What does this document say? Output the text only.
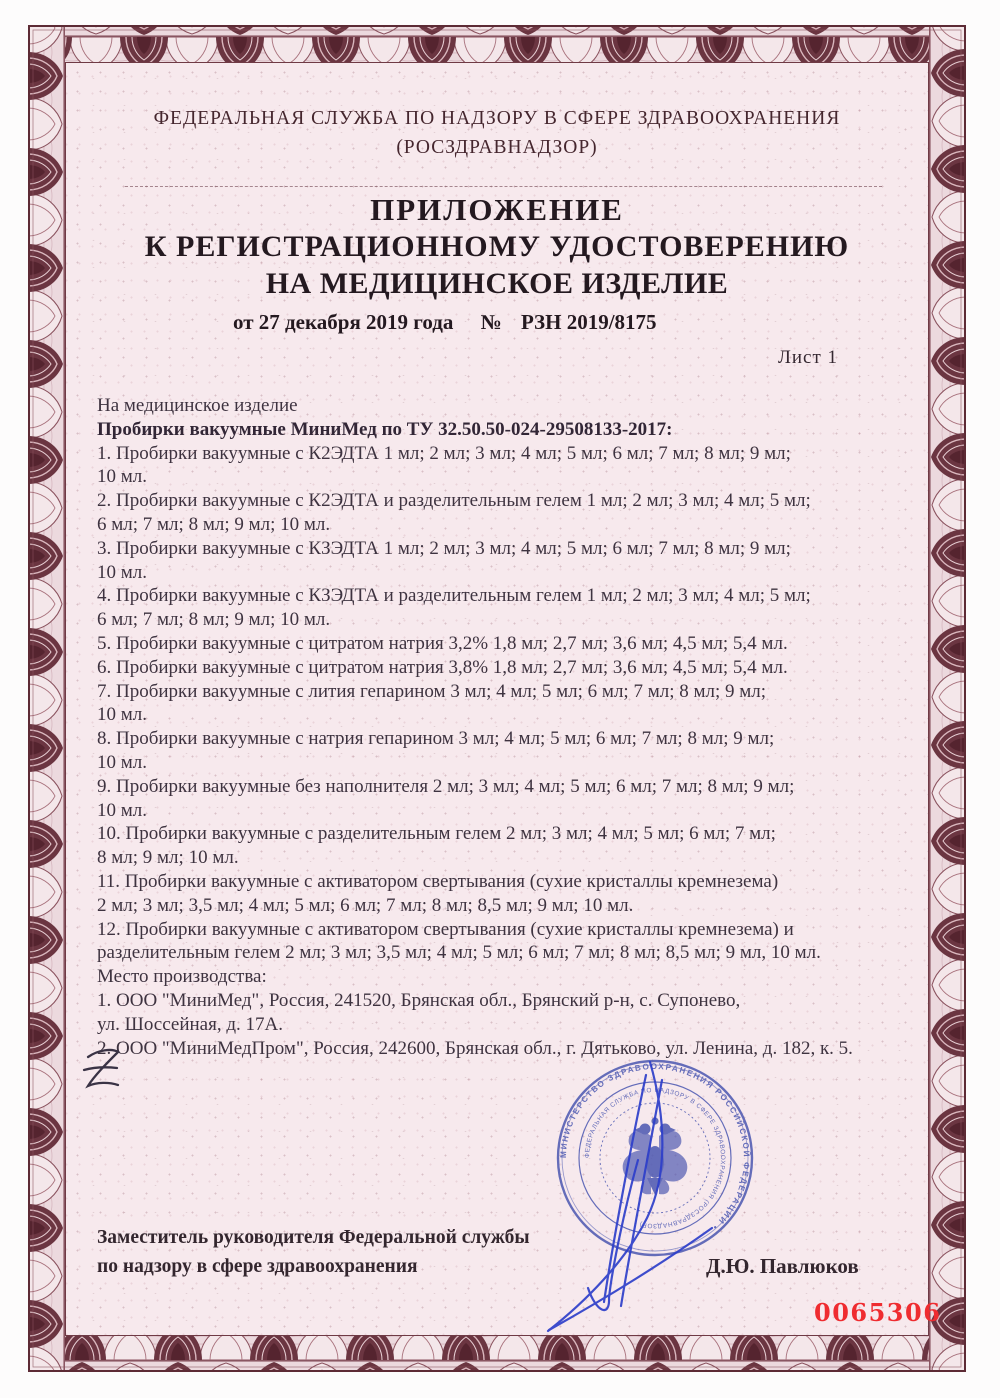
ФЕДЕРАЛЬНАЯ СЛУЖБА ПО НАДЗОРУ В СФЕРЕ ЗДРАВООХРАНЕНИЯ
(РОСЗДРАВНАДЗОР)
ПРИЛОЖЕНИЕ
К РЕГИСТРАЦИОННОМУ УДОСТОВЕРЕНИЮ
НА МЕДИЦИНСКОЕ ИЗДЕЛИЕ
от 27 декабря 2019 года № РЗН 2019/8175
Лист 1
На медицинское изделие
Пробирки вакуумные МиниМед по ТУ 32.50.50-024-29508133-2017:
1. Пробирки вакуумные с К2ЭДТА 1 мл; 2 мл; 3 мл; 4 мл; 5 мл; 6 мл; 7 мл; 8 мл; 9 мл;
10 мл.
2. Пробирки вакуумные с К2ЭДТА и разделительным гелем 1 мл; 2 мл; 3 мл; 4 мл; 5 мл;
6 мл; 7 мл; 8 мл; 9 мл; 10 мл.
3. Пробирки вакуумные с КЗЭДТА 1 мл; 2 мл; 3 мл; 4 мл; 5 мл; 6 мл; 7 мл; 8 мл; 9 мл;
10 мл.
4. Пробирки вакуумные с КЗЭДТА и разделительным гелем 1 мл; 2 мл; 3 мл; 4 мл; 5 мл;
6 мл; 7 мл; 8 мл; 9 мл; 10 мл.
5. Пробирки вакуумные с цитратом натрия 3,2% 1,8 мл; 2,7 мл; 3,6 мл; 4,5 мл; 5,4 мл.
6. Пробирки вакуумные с цитратом натрия 3,8% 1,8 мл; 2,7 мл; 3,6 мл; 4,5 мл; 5,4 мл.
7. Пробирки вакуумные с лития гепарином 3 мл; 4 мл; 5 мл; 6 мл; 7 мл; 8 мл; 9 мл;
10 мл.
8. Пробирки вакуумные с натрия гепарином 3 мл; 4 мл; 5 мл; 6 мл; 7 мл; 8 мл; 9 мл;
10 мл.
9. Пробирки вакуумные без наполнителя 2 мл; 3 мл; 4 мл; 5 мл; 6 мл; 7 мл; 8 мл; 9 мл;
10 мл.
10. Пробирки вакуумные с разделительным гелем 2 мл; 3 мл; 4 мл; 5 мл; 6 мл; 7 мл;
8 мл; 9 мл; 10 мл.
11. Пробирки вакуумные с активатором свертывания (сухие кристаллы кремнезема)
2 мл; 3 мл; 3,5 мл; 4 мл; 5 мл; 6 мл; 7 мл; 8 мл; 8,5 мл; 9 мл; 10 мл.
12. Пробирки вакуумные с активатором свертывания (сухие кристаллы кремнезема) и
разделительным гелем 2 мл; 3 мл; 3,5 мл; 4 мл; 5 мл; 6 мл; 7 мл; 8 мл; 8,5 мл; 9 мл, 10 мл.
Место производства:
1. ООО "МиниМед", Россия, 241520, Брянская обл., Брянский р-н, с. Супонево,
ул. Шоссейная, д. 17А.
2. ООО "МиниМедПром", Россия, 242600, Брянская обл., г. Дятьково, ул. Ленина, д. 182, к. 5.
Заместитель руководителя Федеральной службы
по надзору в сфере здравоохранения	Д.Ю. Павлюков
0065306
МИНИСТЕРСТВО ЗДРАВООХРАНЕНИЯ РОССИЙСКОЙ ФЕДЕРАЦИИ •
ФЕДЕРАЛЬНАЯ СЛУЖБА ПО НАДЗОРУ В СФЕРЕ ЗДРАВООХРАНЕНИЯ (РОСЗДРАВНАДЗОР) •
